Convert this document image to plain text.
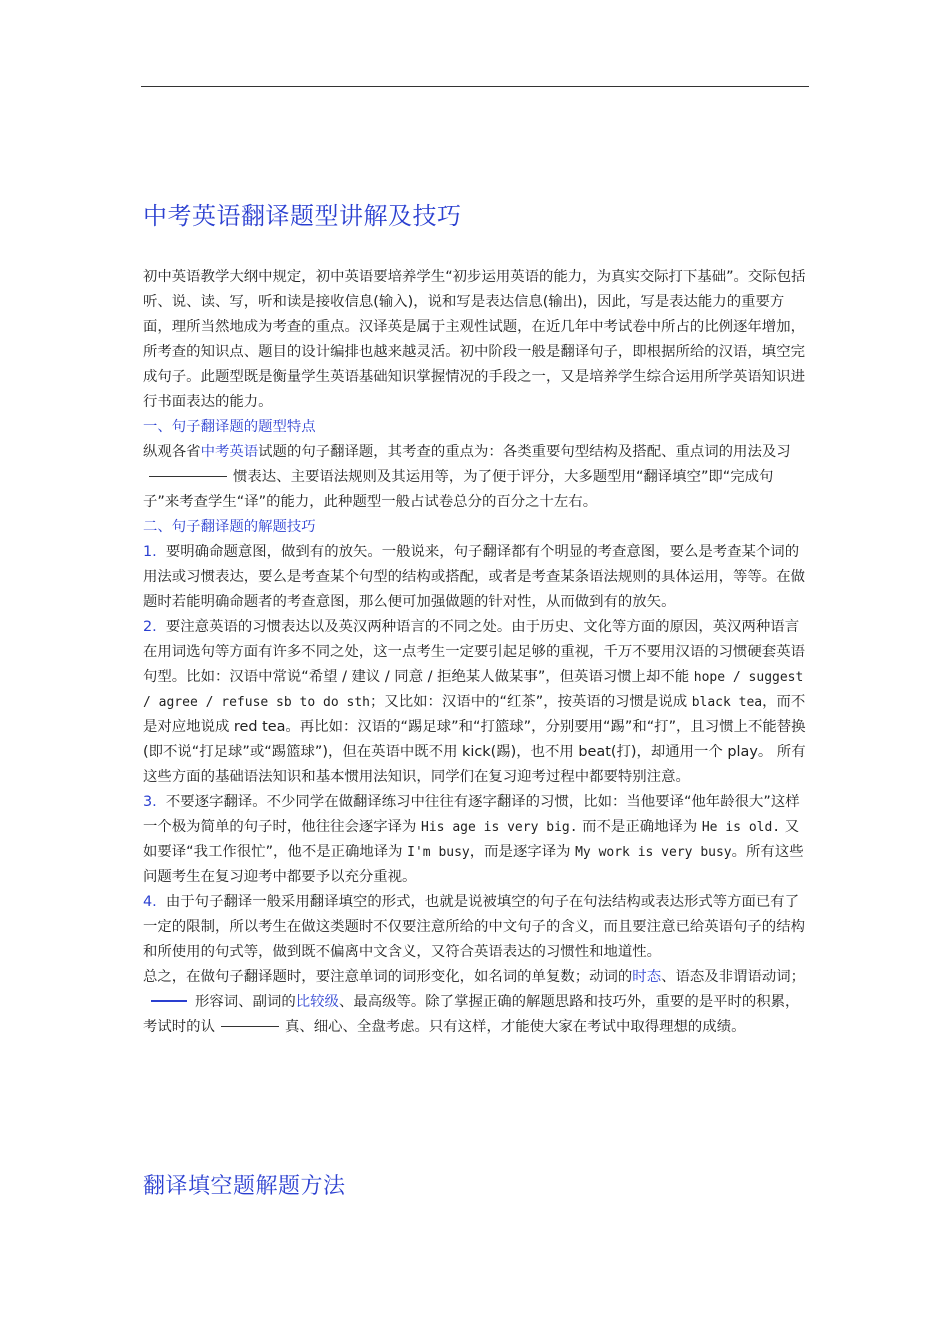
中考英语翻译题型讲解及技巧

初中英语教学大纲中规定，初中英语要培养学生“初步运用英语的能力，为真实交际打下基础”。交际包括听、说、读、写，听和读是接收信息(输入)，说和写是表达信息(输出)，因此，写是表达能力的重要方面，理所当然地成为考查的重点。汉译英是属于主观性试题，在近几年中考试卷中所占的比例逐年增加，所考查的知识点、题目的设计编排也越来越灵活。初中阶段一般是翻译句子，即根据所给的汉语，填空完成句子。此题型既是衡量学生英语基础知识掌握情况的手段之一，又是培养学生综合运用所学英语知识进行书面表达的能力。

一、句子翻译题的题型特点

纵观各省中考英语试题的句子翻译题，其考查的重点为：各类重要句型结构及搭配、重点词的用法及习惯表达、主要语法规则及其运用等，为了便于评分，大多题型用“翻译填空”即“完成句子”来考查学生“译”的能力，此种题型一般占试卷总分的百分之十左右。

二、句子翻译题的解题技巧

1. 要明确命题意图，做到有的放矢。一般说来，句子翻译都有个明显的考查意图，要么是考查某个词的用法或习惯表达，要么是考查某个句型的结构或搭配，或者是考查某条语法规则的具体运用，等等。在做题时若能明确命题者的考查意图，那么便可加强做题的针对性，从而做到有的放矢。

2. 要注意英语的习惯表达以及英汉两种语言的不同之处。由于历史、文化等方面的原因，英汉两种语言在用词选句等方面有许多不同之处，这一点考生一定要引起足够的重视，千万不要用汉语的习惯硬套英语句型。比如：汉语中常说“希望 / 建议 / 同意 / 拒绝某人做某事”，但英语习惯上却不能 hope / suggest / agree / refuse sb to do sth；又比如：汉语中的“红茶”，按英语的习惯是说成 black tea，而不是对应地说成 red tea。再比如：汉语的“踢足球”和“打篮球”，分别要用“踢”和“打”，且习惯上不能替换

(即不说“打足球”或“踢篮球”)，但在英语中既不用 kick(踢)，也不用 beat(打)，却通用一个 play。 所有这些方面的基础语法知识和基本惯用法知识，同学们在复习迎考过程中都要特别注意。

3. 不要逐字翻译。不少同学在做翻译练习中往往有逐字翻译的习惯，比如：当他要译“他年龄很大”这样一个极为简单的句子时，他往往会逐字译为 His age is very big. 而不是正确地译为 He is old. 又如要译“我工作很忙”，他不是正确地译为 I'm busy，而是逐字译为 My work is very busy。所有这些问题考生在复习迎考中都要予以充分重视。

4. 由于句子翻译一般采用翻译填空的形式，也就是说被填空的句子在句法结构或表达形式等方面已有了一定的限制，所以考生在做这类题时不仅要注意所给的中文句子的含义，而且要注意已给英语句子的结构和所使用的句式等，做到既不偏离中文含义，又符合英语表达的习惯性和地道性。

总之，在做句子翻译题时，要注意单词的词形变化，如名词的单复数；动词的时态、语态及非谓语动词；形容词、副词的比较级、最高级等。除了掌握正确的解题思路和技巧外，重要的是平时的积累，考试时的认	真、细心、全盘考虑。只有这样，才能使大家在考试中取得理想的成绩。

翻译填空题解题方法
